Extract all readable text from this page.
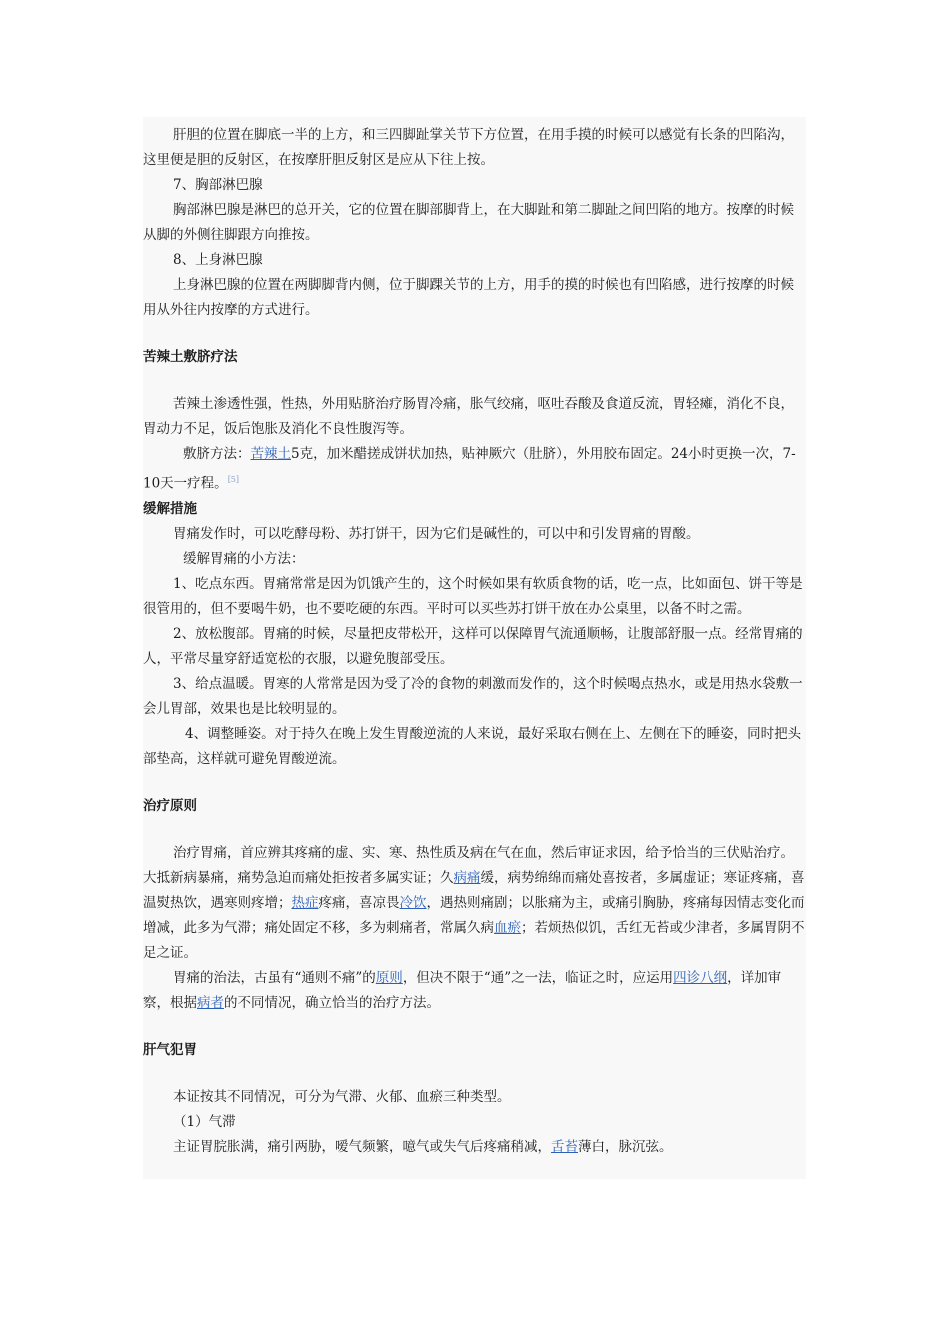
肝胆的位置在脚底一半的上方，和三四脚趾掌关节下方位置，在用手摸的时候可以感觉有长条的凹陷沟，这里便是胆的反射区，在按摩肝胆反射区是应从下往上按。

7、胸部淋巴腺

胸部淋巴腺是淋巴的总开关，它的位置在脚部脚背上，在大脚趾和第二脚趾之间凹陷的地方。按摩的时候从脚的外侧往脚跟方向推按。

8、上身淋巴腺

上身淋巴腺的位置在两脚脚背内侧，位于脚踝关节的上方，用手的摸的时候也有凹陷感，进行按摩的时候用从外往内按摩的方式进行。

苦辣土敷脐疗法

苦辣土渗透性强，性热，外用贴脐治疗肠胃冷痛，胀气绞痛，呕吐吞酸及食道反流，胃轻瘫，消化不良，胃动力不足，饭后饱胀及消化不良性腹泻等。

敷脐方法：苦辣土5克，加米醋搓成饼状加热，贴神厥穴（肚脐），外用胶布固定。24小时更换一次，7-10天一疗程。[5]

缓解措施

胃痛发作时，可以吃酵母粉、苏打饼干，因为它们是碱性的，可以中和引发胃痛的胃酸。

缓解胃痛的小方法：

1、吃点东西。胃痛常常是因为饥饿产生的，这个时候如果有软质食物的话，吃一点，比如面包、饼干等是很管用的，但不要喝牛奶，也不要吃硬的东西。平时可以买些苏打饼干放在办公桌里，以备不时之需。

2、放松腹部。胃痛的时候，尽量把皮带松开，这样可以保障胃气流通顺畅，让腹部舒服一点。经常胃痛的人，平常尽量穿舒适宽松的衣服，以避免腹部受压。

3、给点温暖。胃寒的人常常是因为受了冷的食物的刺激而发作的，这个时候喝点热水，或是用热水袋敷一会儿胃部，效果也是比较明显的。

4、调整睡姿。对于持久在晚上发生胃酸逆流的人来说，最好采取右侧在上、左侧在下的睡姿，同时把头部垫高，这样就可避免胃酸逆流。

治疗原则

治疗胃痛，首应辨其疼痛的虚、实、寒、热性质及病在气在血，然后审证求因，给予恰当的三伏贴治疗。大抵新病暴痛，痛势急迫而痛处拒按者多属实证；久病痛缓，病势绵绵而痛处喜按者，多属虚证；寒证疼痛，喜温熨热饮，遇寒则疼增；热症疼痛，喜凉畏冷饮，遇热则痛剧；以胀痛为主，或痛引胸胁，疼痛每因情志变化而增减，此多为气滞；痛处固定不移，多为刺痛者，常属久病血瘀；若烦热似饥，舌红无苔或少津者，多属胃阴不足之证。

胃痛的治法，古虽有“通则不痛”的原则，但决不限于“通”之一法，临证之时，应运用四诊八纲，详加审察，根据病者的不同情况，确立恰当的治疗方法。

肝气犯胃

本证按其不同情况，可分为气滞、火郁、血瘀三种类型。

（1）气滞

主证胃脘胀满，痛引两胁，嗳气频繁，噫气或失气后疼痛稍减，舌苔薄白，脉沉弦。
